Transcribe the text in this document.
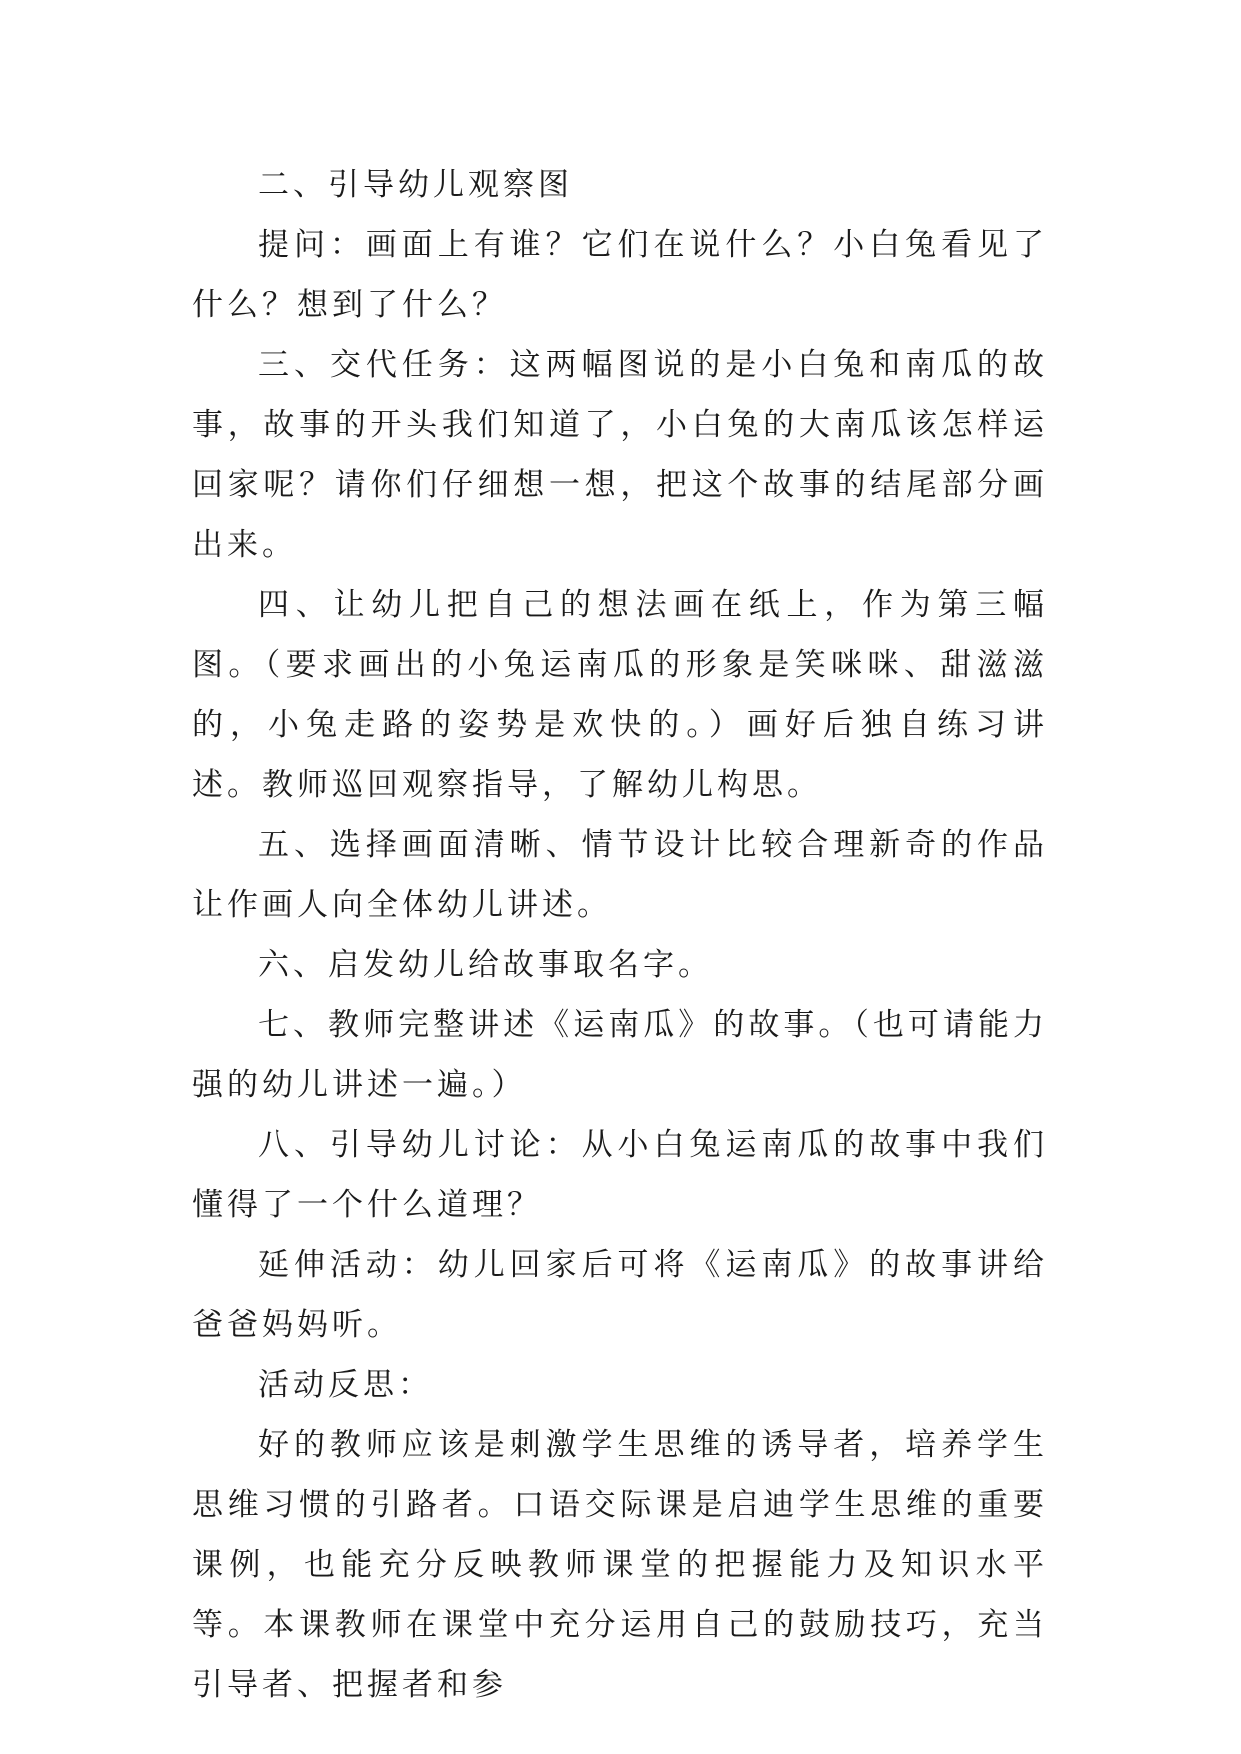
二、引导幼儿观察图

提问：画面上有谁？它们在说什么？小白兔看见了什么？想到了什么？

三、交代任务：这两幅图说的是小白兔和南瓜的故事，故事的开头我们知道了，小白兔的大南瓜该怎样运回家呢？请你们仔细想一想，把这个故事的结尾部分画出来。

四、让幼儿把自己的想法画在纸上，作为第三幅图。（要求画出的小兔运南瓜的形象是笑咪咪、甜滋滋的，小兔走路的姿势是欢快的。）画好后独自练习讲述。教师巡回观察指导，了解幼儿构思。

五、选择画面清晰、情节设计比较合理新奇的作品让作画人向全体幼儿讲述。

六、启发幼儿给故事取名字。

七、教师完整讲述《运南瓜》的故事。（也可请能力强的幼儿讲述一遍。）

八、引导幼儿讨论：从小白兔运南瓜的故事中我们懂得了一个什么道理？

延伸活动：幼儿回家后可将《运南瓜》的故事讲给爸爸妈妈听。

活动反思：

好的教师应该是刺激学生思维的诱导者，培养学生思维习惯的引路者。口语交际课是启迪学生思维的重要课例，也能充分反映教师课堂的把握能力及知识水平等。本课教师在课堂中充分运用自己的鼓励技巧，充当引导者、把握者和参
